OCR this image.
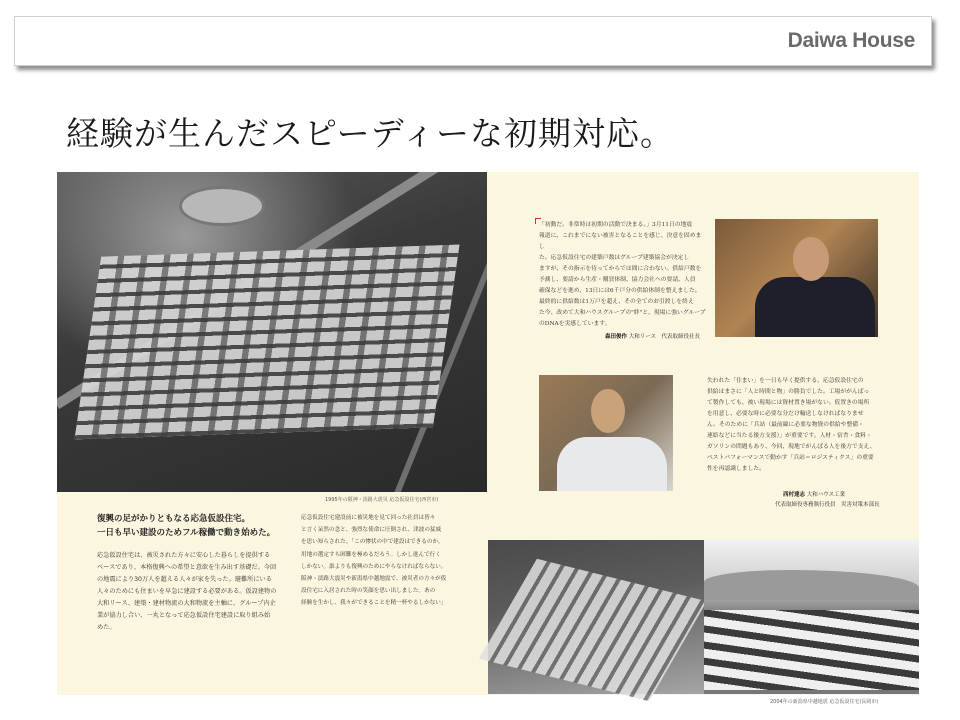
Daiwa House
経験が生んだスピーディーな初期対応。
1995年の阪神・淡路大震災 応急仮設住宅(西宮市)
復興の足がかりともなる応急仮設住宅。
一日も早い建設のためフル稼働で動き始めた。
応急仮設住宅は、被災された方々に安心した暮らしを提供する
ベースであり、本格復興への希望と意欲を生み出す基礎だ。今回
の地震により30万人を超える人々が家を失った。避難所にいる
人々のためにも住まいを早急に建設する必要がある。仮設建物の
大和リース、建築・建材物流の大和物流を主軸に、グループ内企
業が協力し合い、一丸となって応急仮設住宅建設に取り組み始
めた。
応急仮設住宅建設前に被災地を見て回った社員は皆々
と言く呆然の念と、強烈な使命に圧倒され、津波の猛威
を思い知らされた。「この惨状の中で建設はできるのか。
用地の選定すら困難を極めるだろう。しかし進んで行く
しかない。誰よりも復興のためにやらなければならない。
阪神・淡路大震災や新潟県中越地震で、被災者の方々が仮
設住宅に入居された時の笑顔を思い出しました。あの
経験を生かし、我々ができることを精一杯やるしかない」
「初動だ。非常時は初期の活動で決まる。」3月11日の地震
報道に、これまでにない被害となることを感じ、決意を固めまし
た。応急仮設住宅の建築戸数はグループ建築協会が決定し
ますが、その指示を待ってからでは間に合わない。供給戸数を
予測し、要請から生産・購買体制、協力会社への要請、人員
確保などを進め、13日には6千戸分の供給体制を整えました。
最終的に供給数は1万戸を超え、その全てのお引渡しを終え
た今、改めて大和ハウスグループの"絆"と、現場に強いグループ
のDNAを実感しています。
森田俊作 大和リース　代表取締役社長
失われた「住まい」を一日も早く提供する。応急仮設住宅の
供給はまさに「人と時間と物」の勝負でした。工場ががんばっ
て製作しても、被い現場には資材置き場がない。仮置きの場所
を用意し、必要な時に必要な分だけ輸送しなければなりませ
ん。そのために「兵站（最前線に必要な物資の供給や整備・
連絡などに当たる後方支援）」が重要です。人材・宿舎・食料・
ガソリンの問題もあり、今回、現地でがんばる人を後方で支え、
ベストパフォーマンスで動かす「兵站＝ロジスティクス」の重要
性を再認識しました。
西村達志 大和ハウス工業
代表取締役専務執行役員　災害対策本部長
2004年の新潟県中越地震 応急仮設住宅(長岡市)
